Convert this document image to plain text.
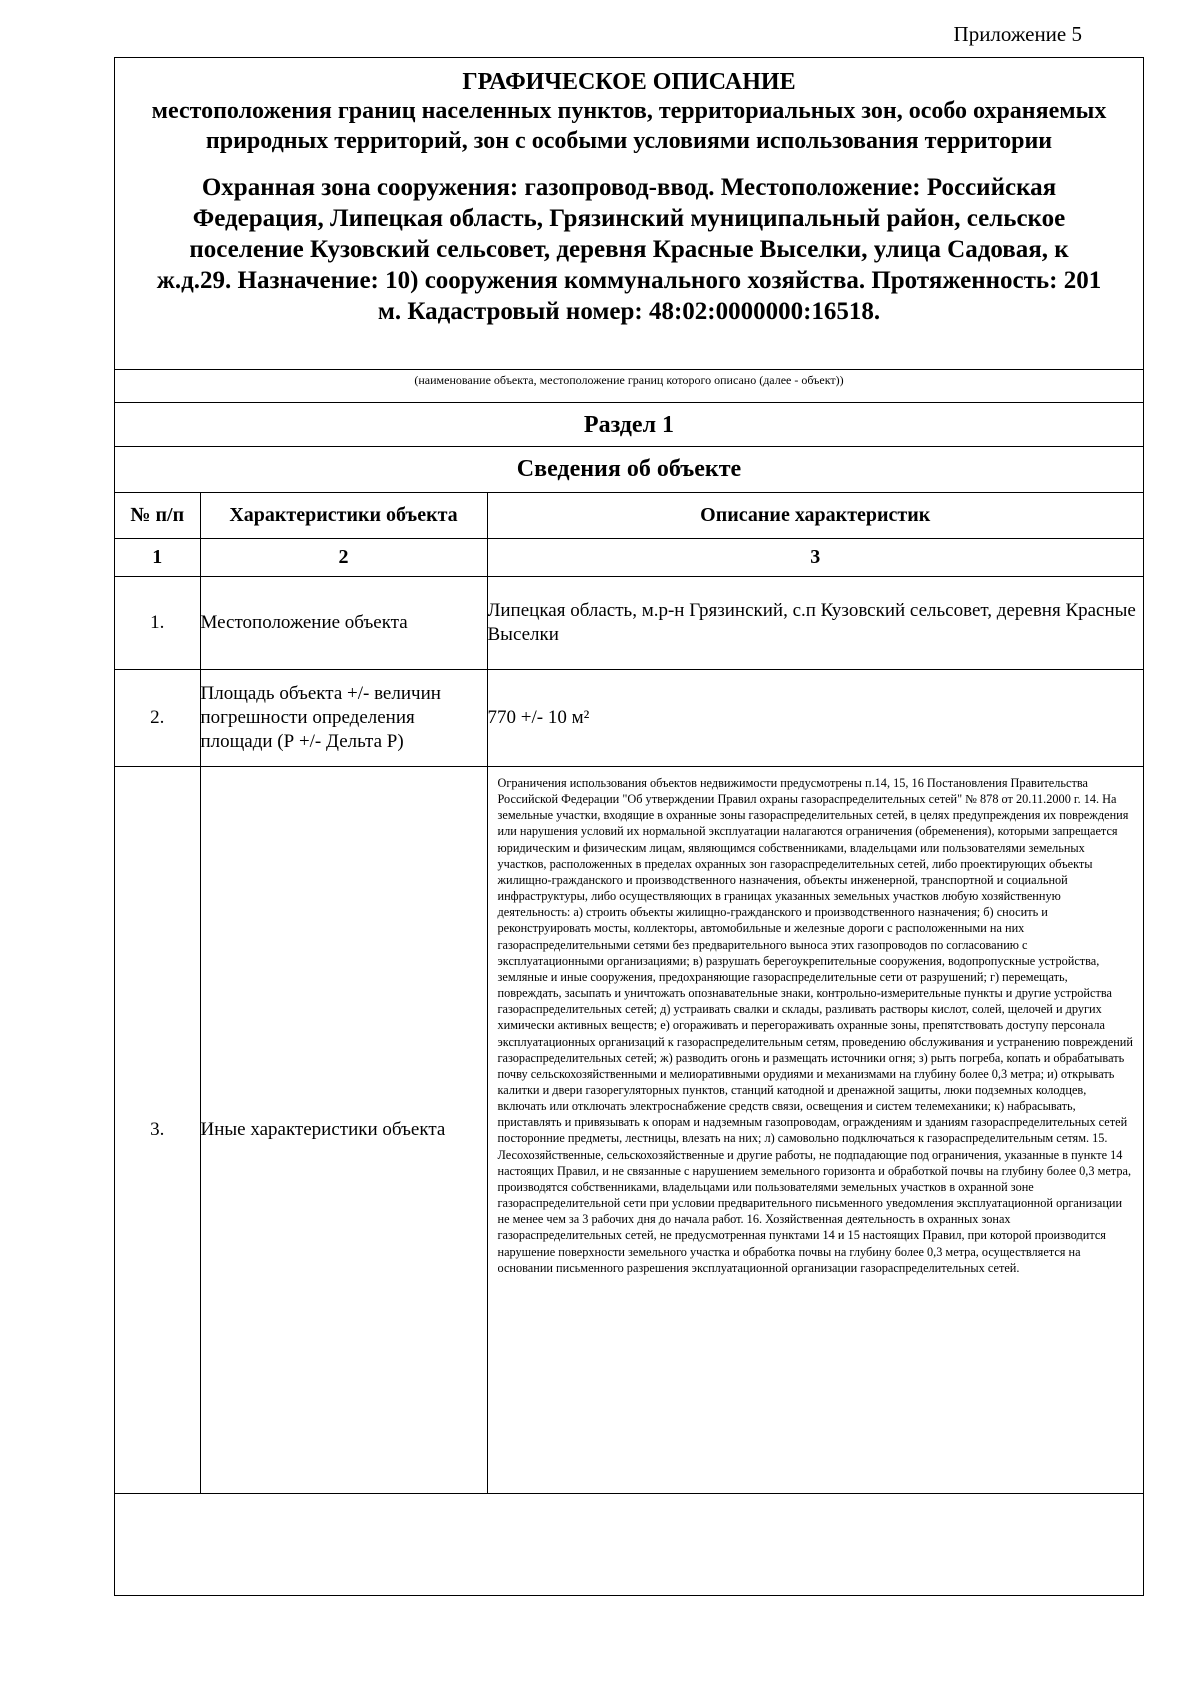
Приложение 5

ГРАФИЧЕСКОЕ ОПИСАНИЕ

местоположения границ населенных пунктов, территориальных зон, особо охраняемых природных территорий, зон с особыми условиями использования территории

Охранная зона сооружения: газопровод-ввод. Местоположение: Российская Федерация, Липецкая область, Грязинский муниципальный район, сельское поселение Кузовский сельсовет, деревня Красные Выселки, улица Садовая, к ж.д.29. Назначение: 10) сооружения коммунального хозяйства. Протяженность: 201 м. Кадастровый номер: 48:02:0000000:16518.

(наименование объекта, местоположение границ которого описано (далее - объект))
Раздел 1
Сведения об объекте
№ п/п	Характеристики объекта	Описание характеристик
1	2	3
1.	Местоположение объекта	Липецкая область, м.р-н Грязинский, с.п Кузовский сельсовет, деревня Красные Выселки
2.	Площадь объекта +/- величин погрешности определения площади (Р +/- Дельта Р)	770 +/- 10 м²
3.	Иные характеристики объекта	Ограничения использования объектов недвижимости предусмотрены п.14, 15, 16 Постановления Правительства Российской Федерации "Об утверждении Правил охраны газораспределительных сетей" № 878 от 20.11.2000 г. 14. На земельные участки, входящие в охранные зоны газораспределительных сетей, в целях предупреждения их повреждения или нарушения условий их нормальной эксплуатации налагаются ограничения (обременения), которыми запрещается юридическим и физическим лицам, являющимся собственниками, владельцами или пользователями земельных участков, расположенных в пределах охранных зон газораспределительных сетей, либо проектирующих объекты жилищно-гражданского и производственного назначения, объекты инженерной, транспортной и социальной инфраструктуры, либо осуществляющих в границах указанных земельных участков любую хозяйственную деятельность: а) строить объекты жилищно-гражданского и производственного назначения; б) сносить и реконструировать мосты, коллекторы, автомобильные и железные дороги с расположенными на них газораспределительными сетями без предварительного выноса этих газопроводов по согласованию с эксплуатационными организациями; в) разрушать берегоукрепительные сооружения, водопропускные устройства, земляные и иные сооружения, предохраняющие газораспределительные сети от разрушений; г) перемещать, повреждать, засыпать и уничтожать опознавательные знаки, контрольно-измерительные пункты и другие устройства газораспределительных сетей; д) устраивать свалки и склады, разливать растворы кислот, солей, щелочей и других химически активных веществ; е) огораживать и перегораживать охранные зоны, препятствовать доступу персонала эксплуатационных организаций к газораспределительным сетям, проведению обслуживания и устранению повреждений газораспределительных сетей; ж) разводить огонь и размещать источники огня; з) рыть погреба, копать и обрабатывать почву сельскохозяйственными и мелиоративными орудиями и механизмами на глубину более 0,3 метра; и) открывать калитки и двери газорегуляторных пунктов, станций катодной и дренажной защиты, люки подземных колодцев, включать или отключать электроснабжение средств связи, освещения и систем телемеханики; к) набрасывать, приставлять и привязывать к опорам и надземным газопроводам, ограждениям и зданиям газораспределительных сетей посторонние предметы, лестницы, влезать на них; л) самовольно подключаться к газораспределительным сетям. 15. Лесохозяйственные, сельскохозяйственные и другие работы, не подпадающие под ограничения, указанные в пункте 14 настоящих Правил, и не связанные с нарушением земельного горизонта и обработкой почвы на глубину более 0,3 метра, производятся собственниками, владельцами или пользователями земельных участков в охранной зоне газораспределительной сети при условии предварительного письменного уведомления эксплуатационной организации не менее чем за 3 рабочих дня до начала работ. 16. Хозяйственная деятельность в охранных зонах газораспределительных сетей, не предусмотренная пунктами 14 и 15 настоящих Правил, при которой производится нарушение поверхности земельного участка и обработка почвы на глубину более 0,3 метра, осуществляется на основании письменного разрешения эксплуатационной организации газораспределительных сетей.
